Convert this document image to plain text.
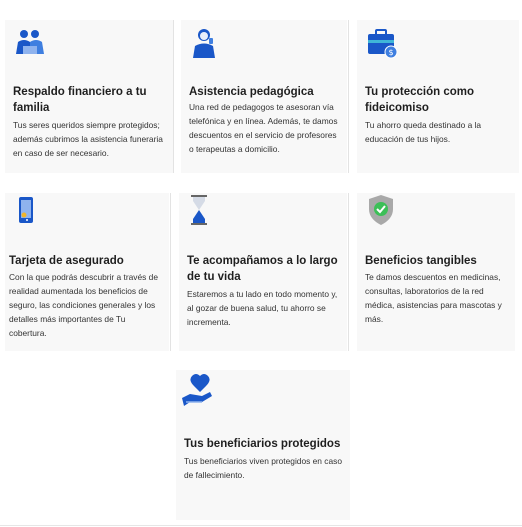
Respaldo financiero a tu familia
Tus seres queridos siempre protegidos; además cubrimos la asistencia funeraria en caso de ser necesario.
Asistencia pedagógica
Una red de pedagogos te asesoran vía telefónica y en línea. Además, te damos descuentos en el servicio de profesores o terapeutas a domicilio.
$
Tu protección como fideicomiso
Tu ahorro queda destinado a la educación de tus hijos.
Tarjeta de asegurado
Con la que podrás descubrir a través de realidad aumentada los beneficios de seguro, las condiciones generales y los detalles más importantes de Tu cobertura.
Te acompañamos a lo largo de tu vida
Estaremos a tu lado en todo momento y, al gozar de buena salud, tu ahorro se incrementa.
Beneficios tangibles
Te damos descuentos en medicinas, consultas, laboratorios de la red médica, asistencias para mascotas y más.
Tus beneficiarios protegidos
Tus beneficiarios viven protegidos en caso de fallecimiento.
